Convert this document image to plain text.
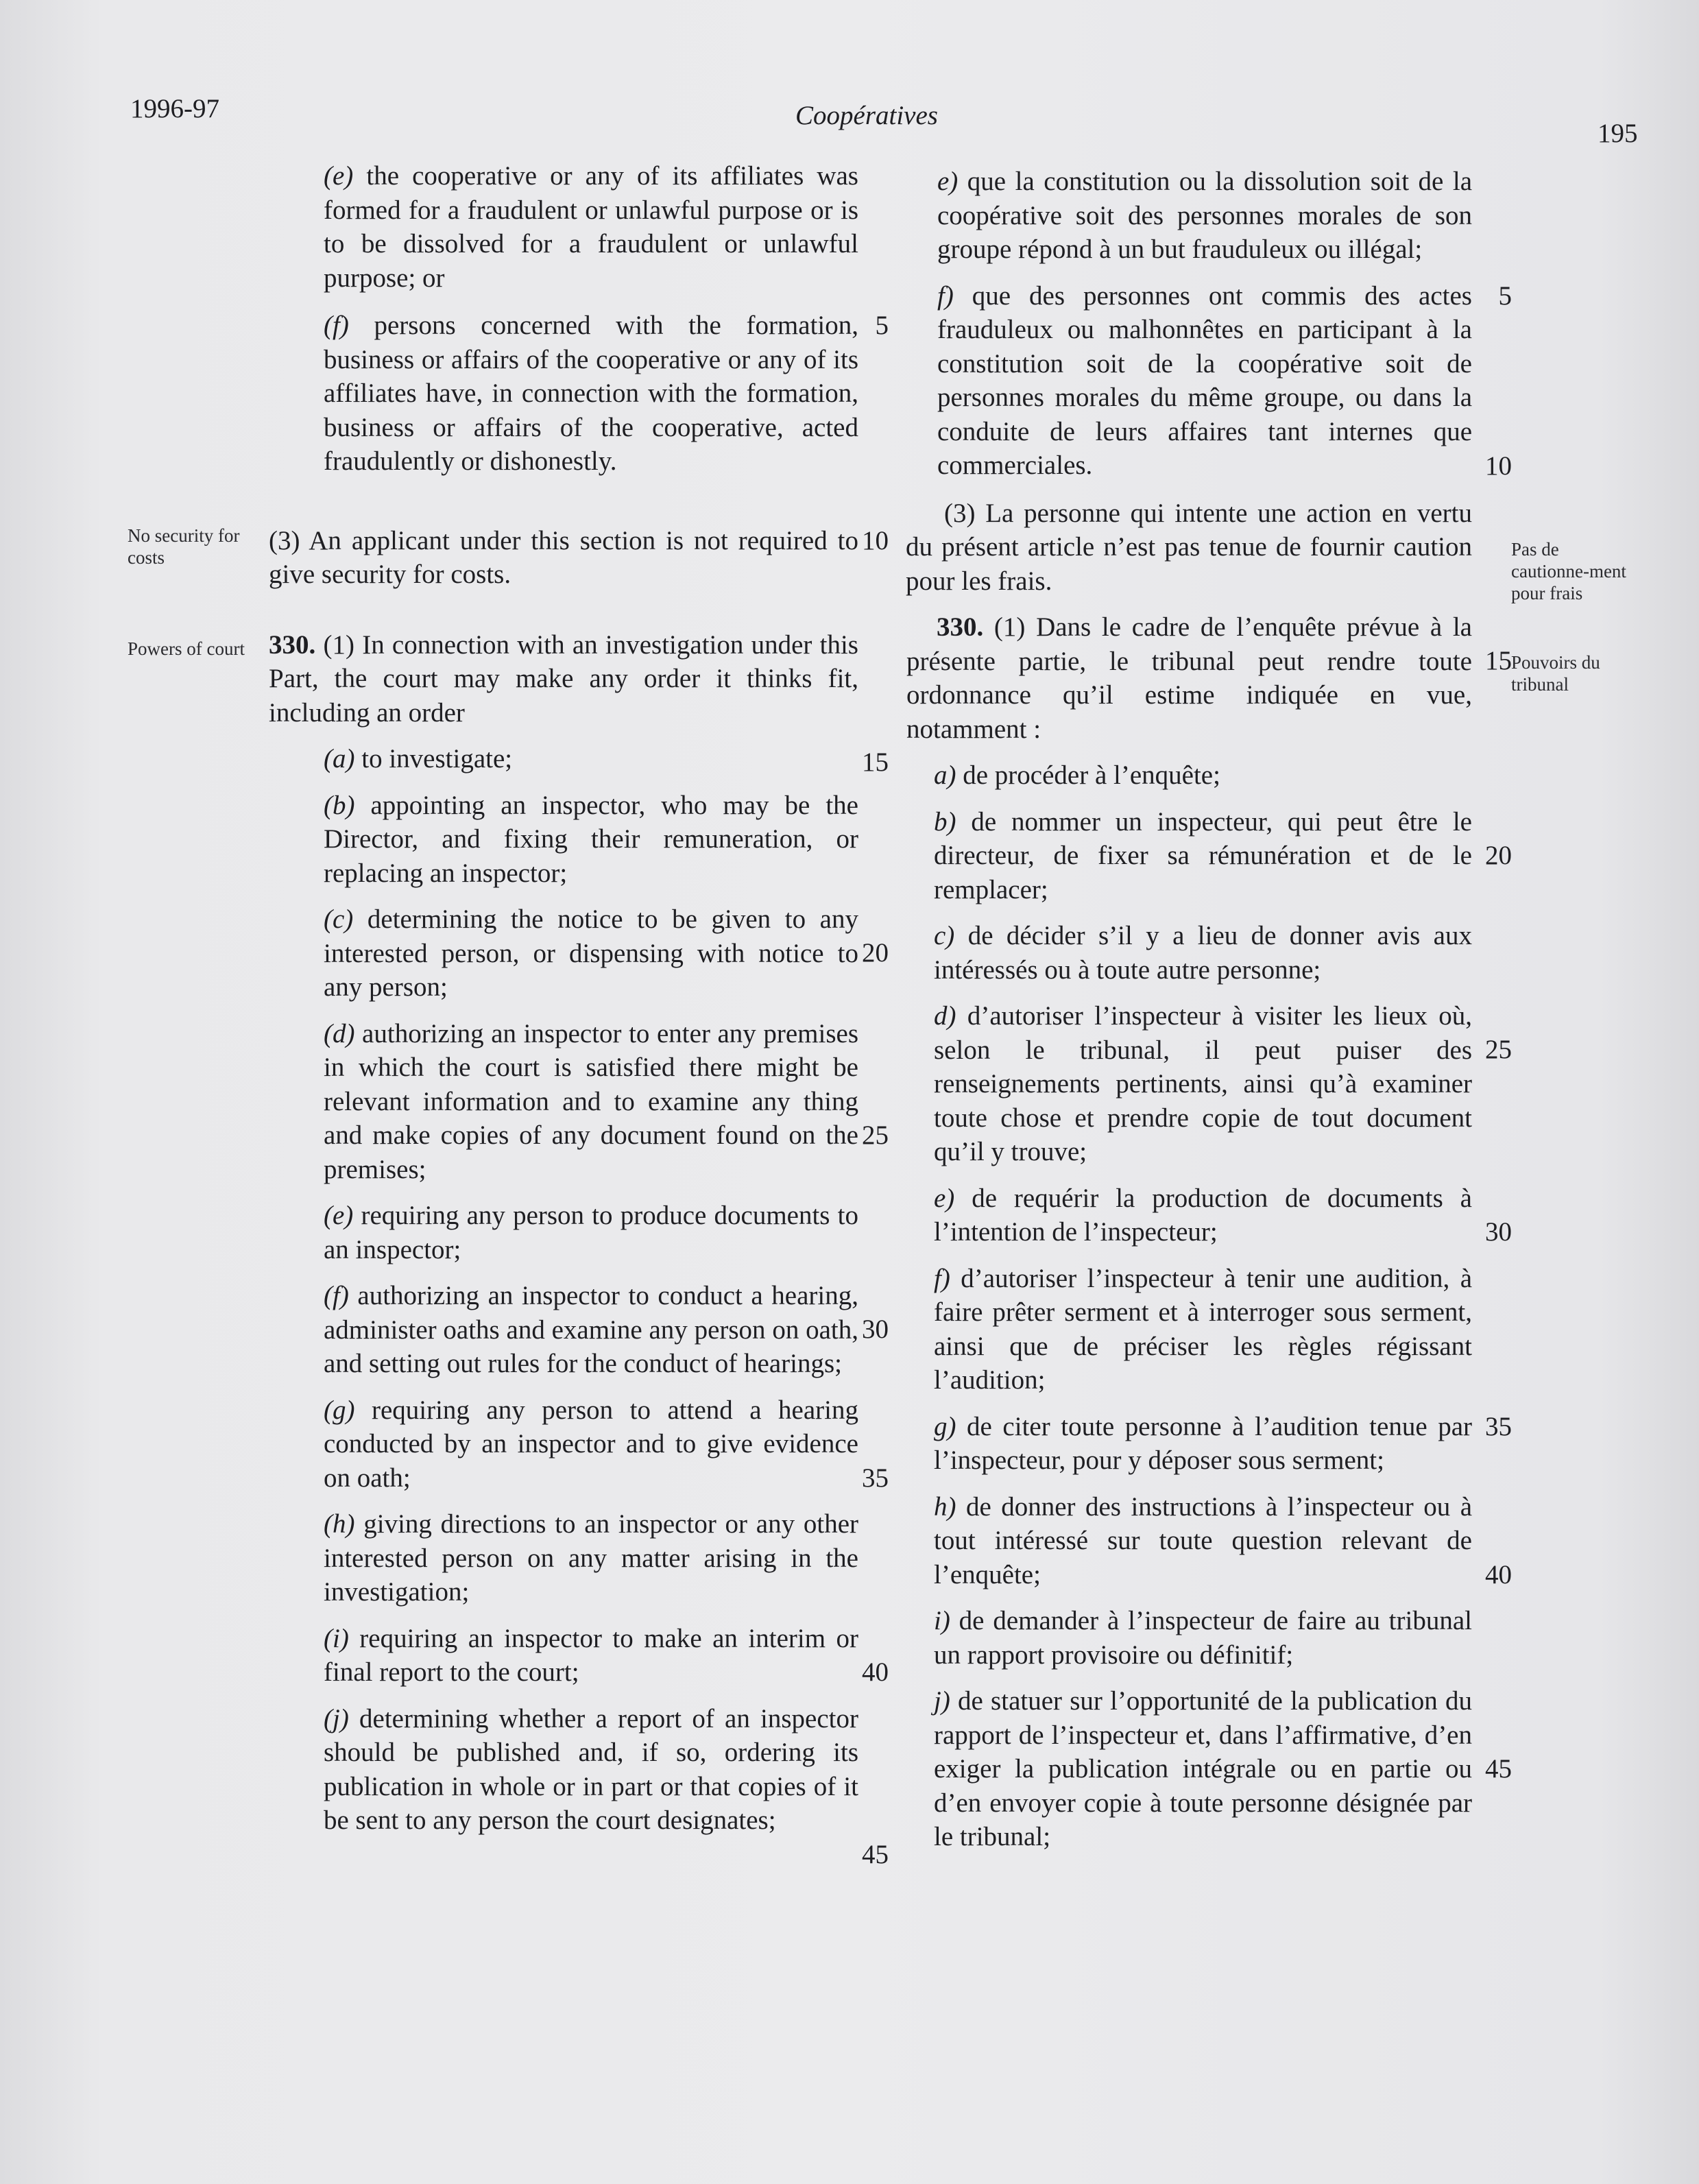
1996-97	Coopératives
195
No security for costs
Powers of court
Pas de cautionne-ment pour frais
Pouvoirs du tribunal
(e) the cooperative or any of its affiliates was formed for a fraudulent or unlawful purpose or is to be dissolved for a fraudulent or unlawful purpose; or
5
(f) persons concerned with the formation, business or affairs of the cooperative or any of its affiliates have, in connection with the formation, business or affairs of the cooperative, acted fraudulently or dishonestly.
10
(3) An applicant under this section is not required to give security for costs.
330. (1) In connection with an investigation under this Part, the court may make any order it thinks fit, including an order
15
(a) to investigate;
(b) appointing an inspector, who may be the Director, and fixing their remuneration, or replacing an inspector;
20
(c) determining the notice to be given to any interested person, or dispensing with notice to any person;
25
(d) authorizing an inspector to enter any premises in which the court is satisfied there might be relevant information and to examine any thing and make copies of any document found on the premises;
(e) requiring any person to produce documents to an inspector;
30
(f) authorizing an inspector to conduct a hearing, administer oaths and examine any person on oath, and setting out rules for the conduct of hearings;
35
(g) requiring any person to attend a hearing conducted by an inspector and to give evidence on oath;
(h) giving directions to an inspector or any other interested person on any matter arising in the investigation;
40
(i) requiring an inspector to make an interim or final report to the court;
45
(j) determining whether a report of an inspector should be published and, if so, ordering its publication in whole or in part or that copies of it be sent to any person the court designates;
e) que la constitution ou la dissolution soit de la coopérative soit des personnes morales de son groupe répond à un but frauduleux ou illégal;
5
10
f) que des personnes ont commis des actes frauduleux ou malhonnêtes en participant à la constitution soit de la coopérative soit de personnes morales du même groupe, ou dans la conduite de leurs affaires tant internes que commerciales.
(3) La personne qui intente une action en vertu du présent article n’est pas tenue de fournir caution pour les frais.
15
330. (1) Dans le cadre de l’enquête prévue à la présente partie, le tribunal peut rendre toute ordonnance qu’il estime indiquée en vue, notamment :
a) de procéder à l’enquête;
20
b) de nommer un inspecteur, qui peut être le directeur, de fixer sa rémunération et de le remplacer;
c) de décider s’il y a lieu de donner avis aux intéressés ou à toute autre personne;
25
d) d’autoriser l’inspecteur à visiter les lieux où, selon le tribunal, il peut puiser des renseignements pertinents, ainsi qu’à examiner toute chose et prendre copie de tout document qu’il y trouve;
30
e) de requérir la production de documents à l’intention de l’inspecteur;
f) d’autoriser l’inspecteur à tenir une audition, à faire prêter serment et à interroger sous serment, ainsi que de préciser les règles régissant l’audition;
35
g) de citer toute personne à l’audition tenue par l’inspecteur, pour y déposer sous serment;
40
h) de donner des instructions à l’inspecteur ou à tout intéressé sur toute question relevant de l’enquête;
i) de demander à l’inspecteur de faire au tribunal un rapport provisoire ou définitif;
45
j) de statuer sur l’opportunité de la publication du rapport de l’inspecteur et, dans l’affirmative, d’en exiger la publication intégrale ou en partie ou d’en envoyer copie à toute personne désignée par le tribunal;
